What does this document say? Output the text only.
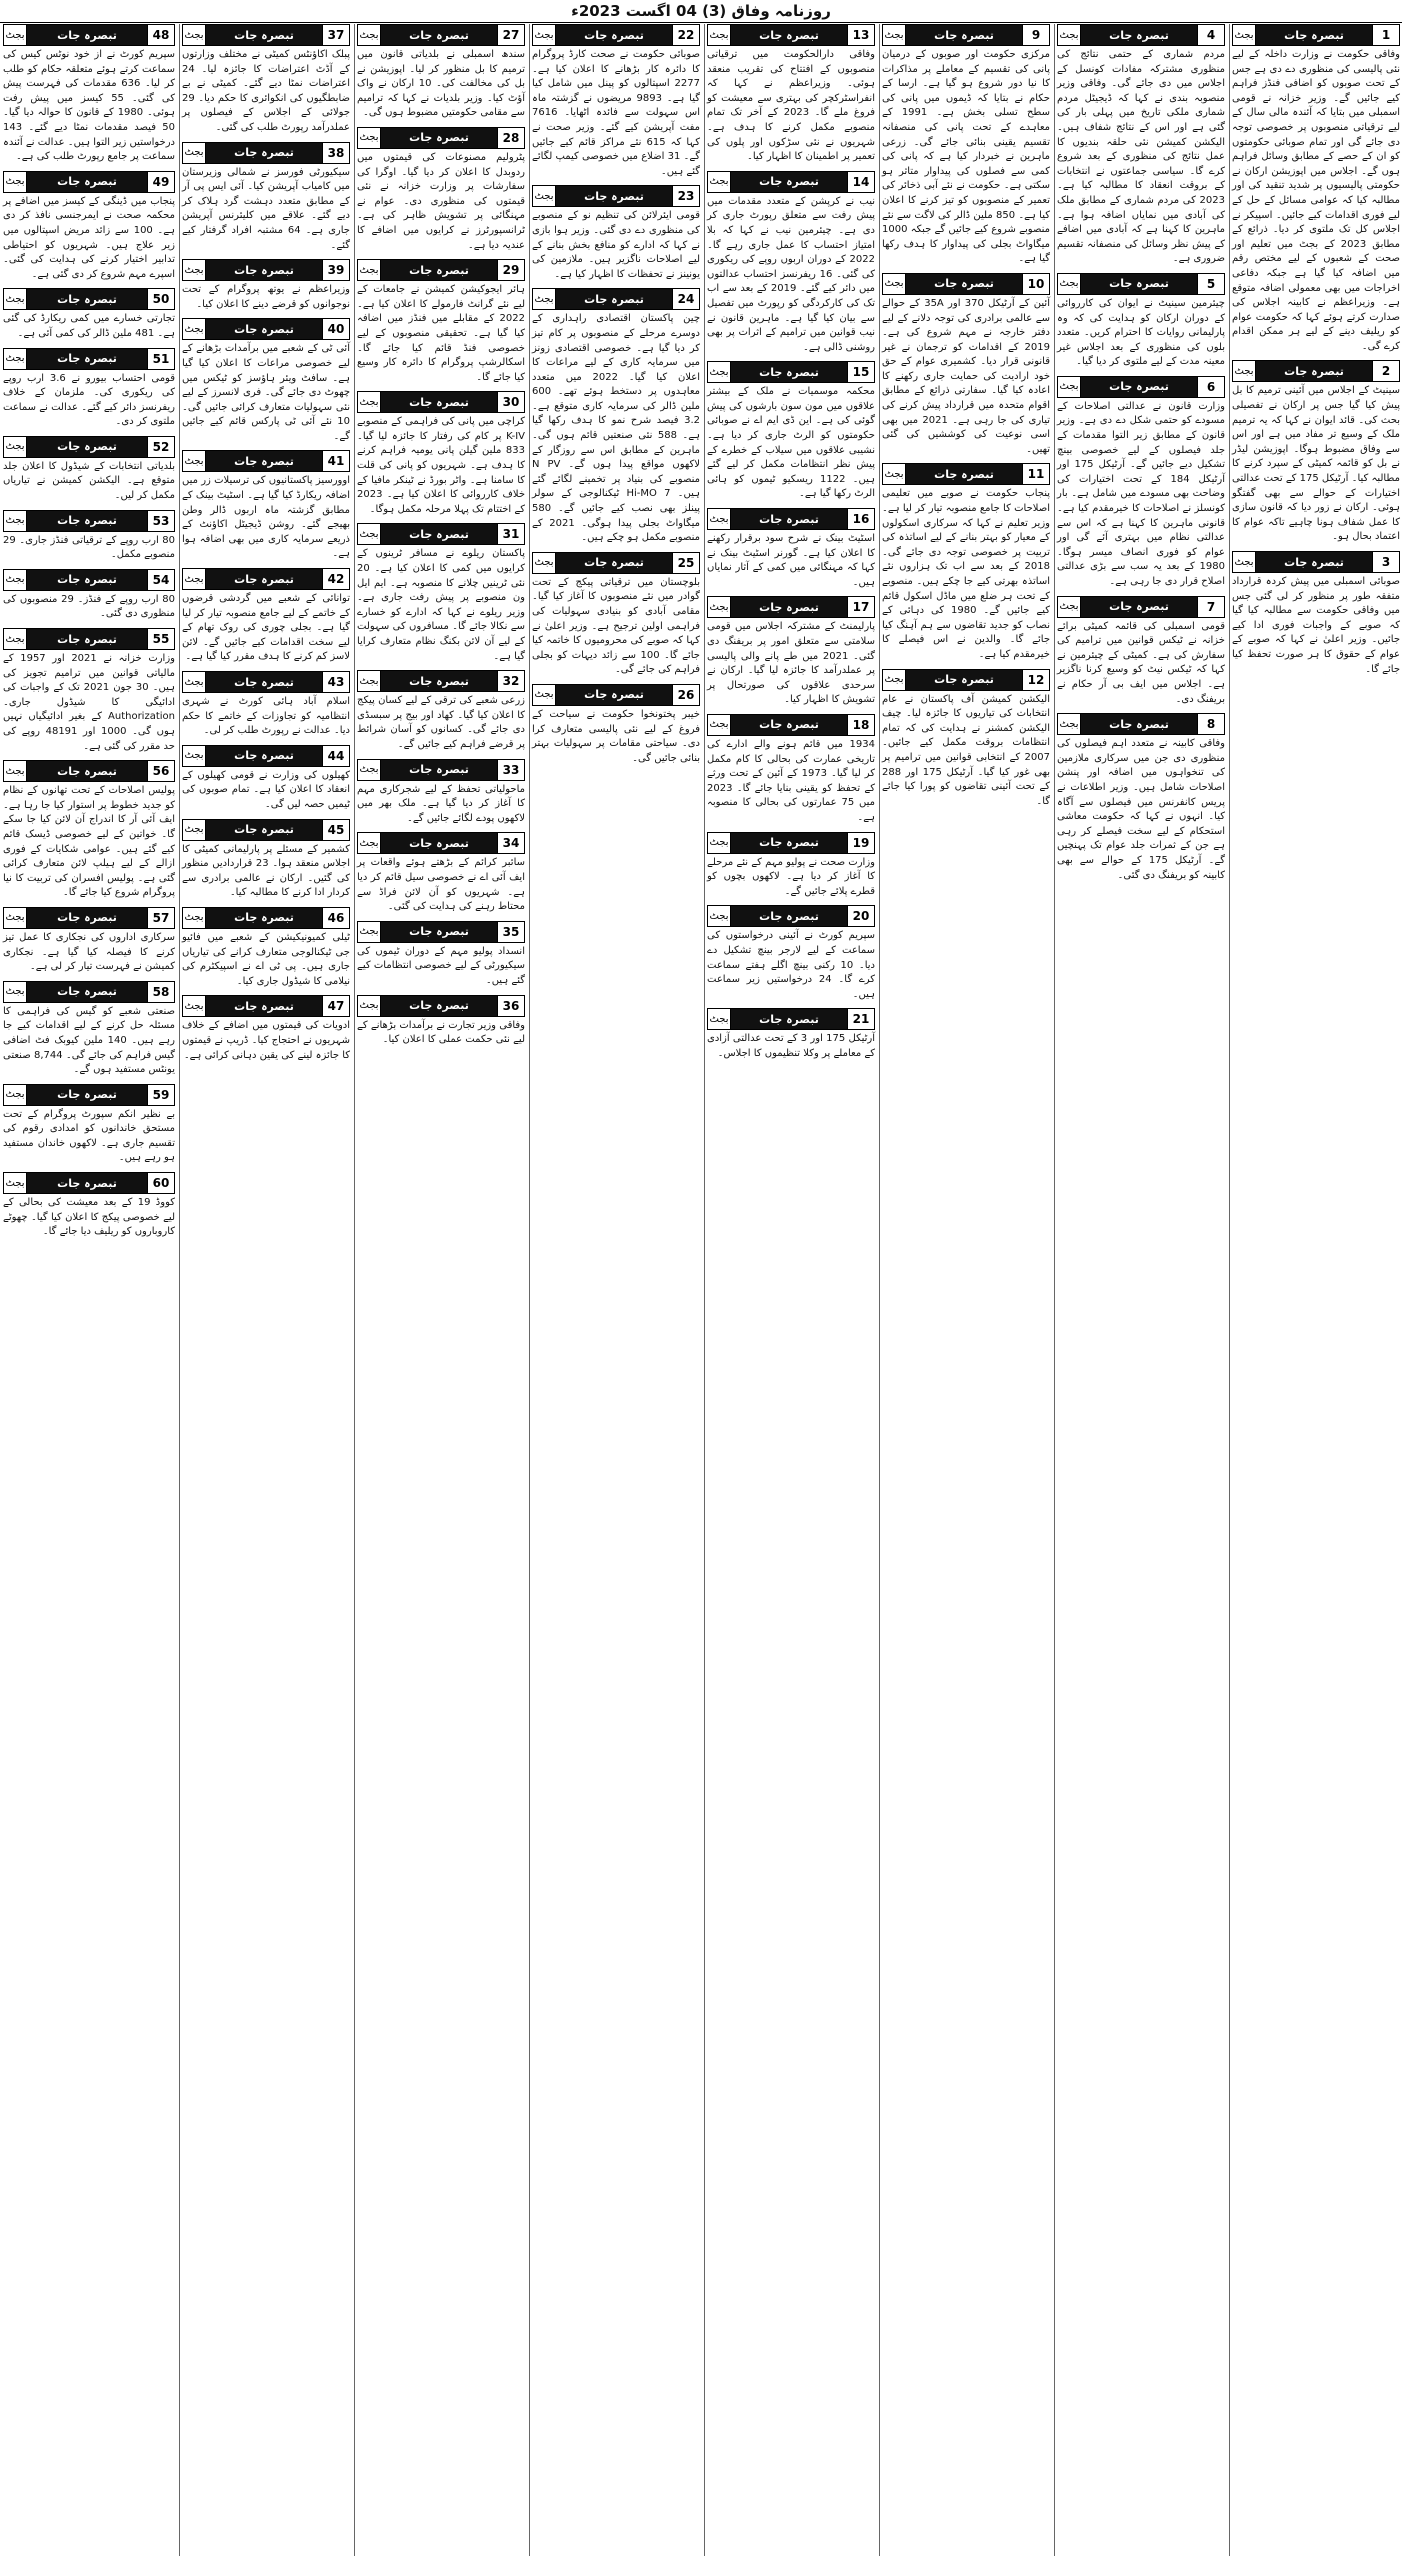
روزنامہ وفاق (3) 04 اگست 2023ء
1
تبصرہ جات
بجٹ
وفاقی حکومت نے وزارت داخلہ کے لیے نئی پالیسی کی منظوری دے دی ہے جس کے تحت صوبوں کو اضافی فنڈز فراہم کیے جائیں گے۔ وزیر خزانہ نے قومی اسمبلی میں بتایا کہ آئندہ مالی سال کے لیے ترقیاتی منصوبوں پر خصوصی توجہ دی جائے گی اور تمام صوبائی حکومتوں کو ان کے حصے کے مطابق وسائل فراہم ہوں گے۔ اجلاس میں اپوزیشن ارکان نے حکومتی پالیسیوں پر شدید تنقید کی اور مطالبہ کیا کہ عوامی مسائل کے حل کے لیے فوری اقدامات کیے جائیں۔ اسپیکر نے اجلاس کل تک ملتوی کر دیا۔ ذرائع کے مطابق 2023 کے بجٹ میں تعلیم اور صحت کے شعبوں کے لیے مختص رقم میں اضافہ کیا گیا ہے جبکہ دفاعی اخراجات میں بھی معمولی اضافہ متوقع ہے۔ وزیراعظم نے کابینہ اجلاس کی صدارت کرتے ہوئے کہا کہ حکومت عوام کو ریلیف دینے کے لیے ہر ممکن اقدام کرے گی۔
2
تبصرہ جات
بجٹ
سینیٹ کے اجلاس میں آئینی ترمیم کا بل پیش کیا گیا جس پر ارکان نے تفصیلی بحث کی۔ قائد ایوان نے کہا کہ یہ ترمیم ملک کے وسیع تر مفاد میں ہے اور اس سے وفاق مضبوط ہوگا۔ اپوزیشن لیڈر نے بل کو قائمہ کمیٹی کے سپرد کرنے کا مطالبہ کیا۔ آرٹیکل 175 کے تحت عدالتی اختیارات کے حوالے سے بھی گفتگو ہوئی۔ ارکان نے زور دیا کہ قانون سازی کا عمل شفاف ہونا چاہیے تاکہ عوام کا اعتماد بحال ہو۔
3
تبصرہ جات
بجٹ
صوبائی اسمبلی میں پیش کردہ قرارداد متفقہ طور پر منظور کر لی گئی جس میں وفاقی حکومت سے مطالبہ کیا گیا کہ صوبے کے واجبات فوری ادا کیے جائیں۔ وزیر اعلیٰ نے کہا کہ صوبے کے عوام کے حقوق کا ہر صورت تحفظ کیا جائے گا۔
4
تبصرہ جات
بجٹ
مردم شماری کے حتمی نتائج کی منظوری مشترکہ مفادات کونسل کے اجلاس میں دی جائے گی۔ وفاقی وزیر منصوبہ بندی نے کہا کہ ڈیجیٹل مردم شماری ملکی تاریخ میں پہلی بار کی گئی ہے اور اس کے نتائج شفاف ہیں۔ الیکشن کمیشن نئی حلقہ بندیوں کا عمل نتائج کی منظوری کے بعد شروع کرے گا۔ سیاسی جماعتوں نے انتخابات کے بروقت انعقاد کا مطالبہ کیا ہے۔ 2023 کی مردم شماری کے مطابق ملک کی آبادی میں نمایاں اضافہ ہوا ہے۔ ماہرین کا کہنا ہے کہ آبادی میں اضافے کے پیش نظر وسائل کی منصفانہ تقسیم ضروری ہے۔
5
تبصرہ جات
بجٹ
چیئرمین سینیٹ نے ایوان کی کارروائی کے دوران ارکان کو ہدایت کی کہ وہ پارلیمانی روایات کا احترام کریں۔ متعدد بلوں کی منظوری کے بعد اجلاس غیر معینہ مدت کے لیے ملتوی کر دیا گیا۔
6
تبصرہ جات
بجٹ
وزارت قانون نے عدالتی اصلاحات کے مسودے کو حتمی شکل دے دی ہے۔ وزیر قانون کے مطابق زیر التوا مقدمات کے جلد فیصلوں کے لیے خصوصی بینچ تشکیل دیے جائیں گے۔ آرٹیکل 175 اور آرٹیکل 184 کے تحت اختیارات کی وضاحت بھی مسودے میں شامل ہے۔ بار کونسلز نے اصلاحات کا خیرمقدم کیا ہے۔ قانونی ماہرین کا کہنا ہے کہ اس سے عدالتی نظام میں بہتری آئے گی اور عوام کو فوری انصاف میسر ہوگا۔ 1980 کے بعد یہ سب سے بڑی عدالتی اصلاح قرار دی جا رہی ہے۔
7
تبصرہ جات
بجٹ
قومی اسمبلی کی قائمہ کمیٹی برائے خزانہ نے ٹیکس قوانین میں ترامیم کی سفارش کی ہے۔ کمیٹی کے چیئرمین نے کہا کہ ٹیکس نیٹ کو وسیع کرنا ناگزیر ہے۔ اجلاس میں ایف بی آر حکام نے بریفنگ دی۔
8
تبصرہ جات
بجٹ
وفاقی کابینہ نے متعدد اہم فیصلوں کی منظوری دی جن میں سرکاری ملازمین کی تنخواہوں میں اضافہ اور پنشن اصلاحات شامل ہیں۔ وزیر اطلاعات نے پریس کانفرنس میں فیصلوں سے آگاہ کیا۔ انہوں نے کہا کہ حکومت معاشی استحکام کے لیے سخت فیصلے کر رہی ہے جن کے ثمرات جلد عوام تک پہنچیں گے۔ آرٹیکل 175 کے حوالے سے بھی کابینہ کو بریفنگ دی گئی۔
9
تبصرہ جات
بجٹ
مرکزی حکومت اور صوبوں کے درمیان پانی کی تقسیم کے معاملے پر مذاکرات کا نیا دور شروع ہو گیا ہے۔ ارسا کے حکام نے بتایا کہ ڈیموں میں پانی کی سطح تسلی بخش ہے۔ 1991 کے معاہدے کے تحت پانی کی منصفانہ تقسیم یقینی بنائی جائے گی۔ زرعی ماہرین نے خبردار کیا ہے کہ پانی کی کمی سے فصلوں کی پیداوار متاثر ہو سکتی ہے۔ حکومت نے نئے آبی ذخائر کی تعمیر کے منصوبوں کو تیز کرنے کا اعلان کیا ہے۔ 850 ملین ڈالر کی لاگت سے نئے منصوبے شروع کیے جائیں گے جبکہ 1000 میگاواٹ بجلی کی پیداوار کا ہدف رکھا گیا ہے۔
10
تبصرہ جات
بجٹ
آئین کے آرٹیکل 370 اور 35A کے حوالے سے عالمی برادری کی توجہ دلانے کے لیے دفتر خارجہ نے مہم شروع کی ہے۔ 2019 کے اقدامات کو ترجمان نے غیر قانونی قرار دیا۔ کشمیری عوام کے حق خود ارادیت کی حمایت جاری رکھنے کا اعادہ کیا گیا۔ سفارتی ذرائع کے مطابق اقوام متحدہ میں قرارداد پیش کرنے کی تیاری کی جا رہی ہے۔ 2021 میں بھی اسی نوعیت کی کوششیں کی گئی تھیں۔
11
تبصرہ جات
بجٹ
پنجاب حکومت نے صوبے میں تعلیمی اصلاحات کا جامع منصوبہ تیار کر لیا ہے۔ وزیر تعلیم نے کہا کہ سرکاری اسکولوں کے معیار کو بہتر بنانے کے لیے اساتذہ کی تربیت پر خصوصی توجہ دی جائے گی۔ 2018 کے بعد سے اب تک ہزاروں نئے اساتذہ بھرتی کیے جا چکے ہیں۔ منصوبے کے تحت ہر ضلع میں ماڈل اسکول قائم کیے جائیں گے۔ 1980 کی دہائی کے نصاب کو جدید تقاضوں سے ہم آہنگ کیا جائے گا۔ والدین نے اس فیصلے کا خیرمقدم کیا ہے۔
12
تبصرہ جات
بجٹ
الیکشن کمیشن آف پاکستان نے عام انتخابات کی تیاریوں کا جائزہ لیا۔ چیف الیکشن کمشنر نے ہدایت کی کہ تمام انتظامات بروقت مکمل کیے جائیں۔ 2007 کے انتخابی قوانین میں ترامیم پر بھی غور کیا گیا۔ آرٹیکل 175 اور 288 کے تحت آئینی تقاضوں کو پورا کیا جائے گا۔
13
تبصرہ جات
بجٹ
وفاقی دارالحکومت میں ترقیاتی منصوبوں کے افتتاح کی تقریب منعقد ہوئی۔ وزیراعظم نے کہا کہ انفراسٹرکچر کی بہتری سے معیشت کو فروغ ملے گا۔ 2023 کے آخر تک تمام منصوبے مکمل کرنے کا ہدف ہے۔ شہریوں نے نئی سڑکوں اور پلوں کی تعمیر پر اطمینان کا اظہار کیا۔
14
تبصرہ جات
بجٹ
نیب نے کرپشن کے متعدد مقدمات میں پیش رفت سے متعلق رپورٹ جاری کر دی ہے۔ چیئرمین نیب نے کہا کہ بلا امتیاز احتساب کا عمل جاری رہے گا۔ 2022 کے دوران اربوں روپے کی ریکوری کی گئی۔ 16 ریفرنسز احتساب عدالتوں میں دائر کیے گئے۔ 2019 کے بعد سے اب تک کی کارکردگی کو رپورٹ میں تفصیل سے بیان کیا گیا ہے۔ ماہرین قانون نے نیب قوانین میں ترامیم کے اثرات پر بھی روشنی ڈالی ہے۔
15
تبصرہ جات
بجٹ
محکمہ موسمیات نے ملک کے بیشتر علاقوں میں مون سون بارشوں کی پیش گوئی کی ہے۔ این ڈی ایم اے نے صوبائی حکومتوں کو الرٹ جاری کر دیا ہے۔ نشیبی علاقوں میں سیلاب کے خطرے کے پیش نظر انتظامات مکمل کر لیے گئے ہیں۔ 1122 ریسکیو ٹیموں کو ہائی الرٹ رکھا گیا ہے۔
16
تبصرہ جات
بجٹ
اسٹیٹ بینک نے شرح سود برقرار رکھنے کا اعلان کیا ہے۔ گورنر اسٹیٹ بینک نے کہا کہ مہنگائی میں کمی کے آثار نمایاں ہیں۔
17
تبصرہ جات
بجٹ
پارلیمنٹ کے مشترکہ اجلاس میں قومی سلامتی سے متعلق امور پر بریفنگ دی گئی۔ 2021 میں طے پانے والی پالیسی پر عملدرآمد کا جائزہ لیا گیا۔ ارکان نے سرحدی علاقوں کی صورتحال پر تشویش کا اظہار کیا۔
18
تبصرہ جات
بجٹ
1934 میں قائم ہونے والے ادارے کی تاریخی عمارت کی بحالی کا کام مکمل کر لیا گیا۔ 1973 کے آئین کے تحت ورثے کے تحفظ کو یقینی بنایا جائے گا۔ 2023 میں 75 عمارتوں کی بحالی کا منصوبہ ہے۔
19
تبصرہ جات
بجٹ
وزارت صحت نے پولیو مہم کے نئے مرحلے کا آغاز کر دیا ہے۔ لاکھوں بچوں کو قطرے پلائے جائیں گے۔
20
تبصرہ جات
بجٹ
سپریم کورٹ نے آئینی درخواستوں کی سماعت کے لیے لارجر بینچ تشکیل دے دیا۔ 10 رکنی بینچ اگلے ہفتے سماعت کرے گا۔ 24 درخواستیں زیر سماعت ہیں۔
21
تبصرہ جات
بجٹ
آرٹیکل 175 اور 3 کے تحت عدالتی آزادی کے معاملے پر وکلا تنظیموں کا اجلاس۔
22
تبصرہ جات
بجٹ
صوبائی حکومت نے صحت کارڈ پروگرام کا دائرہ کار بڑھانے کا اعلان کیا ہے۔ 2277 اسپتالوں کو پینل میں شامل کیا گیا ہے۔ 9893 مریضوں نے گزشتہ ماہ اس سہولت سے فائدہ اٹھایا۔ 7616 مفت آپریشن کیے گئے۔ وزیر صحت نے کہا کہ 615 نئے مراکز قائم کیے جائیں گے۔ 31 اضلاع میں خصوصی کیمپ لگائے گئے ہیں۔
23
تبصرہ جات
بجٹ
قومی ایئرلائن کی تنظیم نو کے منصوبے کی منظوری دے دی گئی۔ وزیر ہوا بازی نے کہا کہ ادارے کو منافع بخش بنانے کے لیے اصلاحات ناگزیر ہیں۔ ملازمین کی یونینز نے تحفظات کا اظہار کیا ہے۔
24
تبصرہ جات
بجٹ
چین پاکستان اقتصادی راہداری کے دوسرے مرحلے کے منصوبوں پر کام تیز کر دیا گیا ہے۔ خصوصی اقتصادی زونز میں سرمایہ کاری کے لیے مراعات کا اعلان کیا گیا۔ 2022 میں متعدد معاہدوں پر دستخط ہوئے تھے۔ 600 ملین ڈالر کی سرمایہ کاری متوقع ہے۔ 3.2 فیصد شرح نمو کا ہدف رکھا گیا ہے۔ 588 نئی صنعتیں قائم ہوں گی۔ ماہرین کے مطابق اس سے روزگار کے لاکھوں مواقع پیدا ہوں گے۔ N PV منصوبے کی بنیاد پر تخمینے لگائے گئے ہیں۔ Hi-MO 7 ٹیکنالوجی کے سولر پینلز بھی نصب کیے جائیں گے۔ 580 میگاواٹ بجلی پیدا ہوگی۔ 2021 کے منصوبے مکمل ہو چکے ہیں۔
25
تبصرہ جات
بجٹ
بلوچستان میں ترقیاتی پیکج کے تحت گوادر میں نئے منصوبوں کا آغاز کیا گیا۔ مقامی آبادی کو بنیادی سہولیات کی فراہمی اولین ترجیح ہے۔ وزیر اعلیٰ نے کہا کہ صوبے کی محرومیوں کا خاتمہ کیا جائے گا۔ 100 سے زائد دیہات کو بجلی فراہم کی جائے گی۔
26
تبصرہ جات
بجٹ
خیبر پختونخوا حکومت نے سیاحت کے فروغ کے لیے نئی پالیسی متعارف کرا دی۔ سیاحتی مقامات پر سہولیات بہتر بنائی جائیں گی۔
27
تبصرہ جات
بجٹ
سندھ اسمبلی نے بلدیاتی قانون میں ترمیم کا بل منظور کر لیا۔ اپوزیشن نے بل کی مخالفت کی۔ 10 ارکان نے واک آؤٹ کیا۔ وزیر بلدیات نے کہا کہ ترامیم سے مقامی حکومتیں مضبوط ہوں گی۔
28
تبصرہ جات
بجٹ
پٹرولیم مصنوعات کی قیمتوں میں ردوبدل کا اعلان کر دیا گیا۔ اوگرا کی سفارشات پر وزارت خزانہ نے نئی قیمتوں کی منظوری دی۔ عوام نے مہنگائی پر تشویش ظاہر کی ہے۔ ٹرانسپورٹرز نے کرایوں میں اضافے کا عندیہ دیا ہے۔
29
تبصرہ جات
بجٹ
ہائر ایجوکیشن کمیشن نے جامعات کے لیے نئے گرانٹ فارمولے کا اعلان کیا ہے۔ 2022 کے مقابلے میں فنڈز میں اضافہ کیا گیا ہے۔ تحقیقی منصوبوں کے لیے خصوصی فنڈ قائم کیا جائے گا۔ اسکالرشپ پروگرام کا دائرہ کار وسیع کیا جائے گا۔
30
تبصرہ جات
بجٹ
کراچی میں پانی کی فراہمی کے منصوبے K-IV پر کام کی رفتار کا جائزہ لیا گیا۔ 833 ملین گیلن پانی یومیہ فراہم کرنے کا ہدف ہے۔ شہریوں کو پانی کی قلت کا سامنا ہے۔ واٹر بورڈ نے ٹینکر مافیا کے خلاف کارروائی کا اعلان کیا ہے۔ 2023 کے اختتام تک پہلا مرحلہ مکمل ہوگا۔
31
تبصرہ جات
بجٹ
پاکستان ریلوے نے مسافر ٹرینوں کے کرایوں میں کمی کا اعلان کیا ہے۔ 20 نئی ٹرینیں چلانے کا منصوبہ ہے۔ ایم ایل ون منصوبے پر پیش رفت جاری ہے۔ وزیر ریلوے نے کہا کہ ادارے کو خسارے سے نکالا جائے گا۔ مسافروں کی سہولت کے لیے آن لائن بکنگ نظام متعارف کرایا گیا ہے۔
32
تبصرہ جات
بجٹ
زرعی شعبے کی ترقی کے لیے کسان پیکج کا اعلان کیا گیا۔ کھاد اور بیج پر سبسڈی دی جائے گی۔ کسانوں کو آسان شرائط پر قرضے فراہم کیے جائیں گے۔
33
تبصرہ جات
بجٹ
ماحولیاتی تحفظ کے لیے شجرکاری مہم کا آغاز کر دیا گیا ہے۔ ملک بھر میں لاکھوں پودے لگائے جائیں گے۔
34
تبصرہ جات
بجٹ
سائبر کرائم کے بڑھتے ہوئے واقعات پر ایف آئی اے نے خصوصی سیل قائم کر دیا ہے۔ شہریوں کو آن لائن فراڈ سے محتاط رہنے کی ہدایت کی گئی۔
35
تبصرہ جات
بجٹ
انسداد پولیو مہم کے دوران ٹیموں کی سیکیورٹی کے لیے خصوصی انتظامات کیے گئے ہیں۔
36
تبصرہ جات
بجٹ
وفاقی وزیر تجارت نے برآمدات بڑھانے کے لیے نئی حکمت عملی کا اعلان کیا۔
37
تبصرہ جات
بجٹ
پبلک اکاؤنٹس کمیٹی نے مختلف وزارتوں کے آڈٹ اعتراضات کا جائزہ لیا۔ 24 اعتراضات نمٹا دیے گئے۔ کمیٹی نے بے ضابطگیوں کی انکوائری کا حکم دیا۔ 29 جولائی کے اجلاس کے فیصلوں پر عملدرآمد رپورٹ طلب کی گئی۔
38
تبصرہ جات
بجٹ
سیکیورٹی فورسز نے شمالی وزیرستان میں کامیاب آپریشن کیا۔ آئی ایس پی آر کے مطابق متعدد دہشت گرد ہلاک کر دیے گئے۔ علاقے میں کلیئرنس آپریشن جاری ہے۔ 64 مشتبہ افراد گرفتار کیے گئے۔
39
تبصرہ جات
بجٹ
وزیراعظم نے یوتھ پروگرام کے تحت نوجوانوں کو قرضے دینے کا اعلان کیا۔
40
تبصرہ جات
بجٹ
آئی ٹی کے شعبے میں برآمدات بڑھانے کے لیے خصوصی مراعات کا اعلان کیا گیا ہے۔ سافٹ ویئر ہاؤسز کو ٹیکس میں چھوٹ دی جائے گی۔ فری لانسرز کے لیے نئی سہولیات متعارف کرائی جائیں گی۔ 10 نئے آئی ٹی پارکس قائم کیے جائیں گے۔
41
تبصرہ جات
بجٹ
اوورسیز پاکستانیوں کی ترسیلات زر میں اضافہ ریکارڈ کیا گیا ہے۔ اسٹیٹ بینک کے مطابق گزشتہ ماہ اربوں ڈالر وطن بھیجے گئے۔ روشن ڈیجیٹل اکاؤنٹ کے ذریعے سرمایہ کاری میں بھی اضافہ ہوا ہے۔
42
تبصرہ جات
بجٹ
توانائی کے شعبے میں گردشی قرضوں کے خاتمے کے لیے جامع منصوبہ تیار کر لیا گیا ہے۔ بجلی چوری کی روک تھام کے لیے سخت اقدامات کیے جائیں گے۔ لائن لاسز کم کرنے کا ہدف مقرر کیا گیا ہے۔
43
تبصرہ جات
بجٹ
اسلام آباد ہائی کورٹ نے شہری انتظامیہ کو تجاوزات کے خاتمے کا حکم دیا۔ عدالت نے رپورٹ طلب کر لی۔
44
تبصرہ جات
بجٹ
کھیلوں کی وزارت نے قومی کھیلوں کے انعقاد کا اعلان کیا ہے۔ تمام صوبوں کی ٹیمیں حصہ لیں گی۔
45
تبصرہ جات
بجٹ
کشمیر کے مسئلے پر پارلیمانی کمیٹی کا اجلاس منعقد ہوا۔ 23 قراردادیں منظور کی گئیں۔ ارکان نے عالمی برادری سے کردار ادا کرنے کا مطالبہ کیا۔
46
تبصرہ جات
بجٹ
ٹیلی کمیونیکیشن کے شعبے میں فائیو جی ٹیکنالوجی متعارف کرانے کی تیاریاں جاری ہیں۔ پی ٹی اے نے اسپیکٹرم کی نیلامی کا شیڈول جاری کیا۔
47
تبصرہ جات
بجٹ
ادویات کی قیمتوں میں اضافے کے خلاف شہریوں نے احتجاج کیا۔ ڈریپ نے قیمتوں کا جائزہ لینے کی یقین دہانی کرائی ہے۔
48
تبصرہ جات
بجٹ
سپریم کورٹ نے از خود نوٹس کیس کی سماعت کرتے ہوئے متعلقہ حکام کو طلب کر لیا۔ 636 مقدمات کی فہرست پیش کی گئی۔ 55 کیسز میں پیش رفت ہوئی۔ 1980 کے قانون کا حوالہ دیا گیا۔ 50 فیصد مقدمات نمٹا دیے گئے۔ 143 درخواستیں زیر التوا ہیں۔ عدالت نے آئندہ سماعت پر جامع رپورٹ طلب کی ہے۔
49
تبصرہ جات
بجٹ
پنجاب میں ڈینگی کے کیسز میں اضافے پر محکمہ صحت نے ایمرجنسی نافذ کر دی ہے۔ 100 سے زائد مریض اسپتالوں میں زیر علاج ہیں۔ شہریوں کو احتیاطی تدابیر اختیار کرنے کی ہدایت کی گئی۔ اسپرے مہم شروع کر دی گئی ہے۔
50
تبصرہ جات
بجٹ
تجارتی خسارے میں کمی ریکارڈ کی گئی ہے۔ 481 ملین ڈالر کی کمی آئی ہے۔
51
تبصرہ جات
بجٹ
قومی احتساب بیورو نے 3.6 ارب روپے کی ریکوری کی۔ ملزمان کے خلاف ریفرنسز دائر کیے گئے۔ عدالت نے سماعت ملتوی کر دی۔
52
تبصرہ جات
بجٹ
بلدیاتی انتخابات کے شیڈول کا اعلان جلد متوقع ہے۔ الیکشن کمیشن نے تیاریاں مکمل کر لیں۔
53
تبصرہ جات
بجٹ
80 ارب روپے کے ترقیاتی فنڈز جاری۔ 29 منصوبے مکمل۔
54
تبصرہ جات
بجٹ
80 ارب روپے کے فنڈز۔ 29 منصوبوں کی منظوری دی گئی۔
55
تبصرہ جات
بجٹ
وزارت خزانہ نے 2021 اور 1957 کے مالیاتی قوانین میں ترامیم تجویز کی ہیں۔ 30 جون 2021 تک کے واجبات کی ادائیگی کا شیڈول جاری۔ Authorization کے بغیر ادائیگیاں نہیں ہوں گی۔ 1000 اور 48191 روپے کی حد مقرر کی گئی ہے۔
56
تبصرہ جات
بجٹ
پولیس اصلاحات کے تحت تھانوں کے نظام کو جدید خطوط پر استوار کیا جا رہا ہے۔ ایف آئی آر کا اندراج آن لائن کیا جا سکے گا۔ خواتین کے لیے خصوصی ڈیسک قائم کیے گئے ہیں۔ عوامی شکایات کے فوری ازالے کے لیے ہیلپ لائن متعارف کرائی گئی ہے۔ پولیس افسران کی تربیت کا نیا پروگرام شروع کیا جائے گا۔
57
تبصرہ جات
بجٹ
سرکاری اداروں کی نجکاری کا عمل تیز کرنے کا فیصلہ کیا گیا ہے۔ نجکاری کمیشن نے فہرست تیار کر لی ہے۔
58
تبصرہ جات
بجٹ
صنعتی شعبے کو گیس کی فراہمی کا مسئلہ حل کرنے کے لیے اقدامات کیے جا رہے ہیں۔ 140 ملین کیوبک فٹ اضافی گیس فراہم کی جائے گی۔ 8,744 صنعتی یونٹس مستفید ہوں گے۔
59
تبصرہ جات
بجٹ
بے نظیر انکم سپورٹ پروگرام کے تحت مستحق خاندانوں کو امدادی رقوم کی تقسیم جاری ہے۔ لاکھوں خاندان مستفید ہو رہے ہیں۔
60
تبصرہ جات
بجٹ
کووڈ 19 کے بعد معیشت کی بحالی کے لیے خصوصی پیکج کا اعلان کیا گیا۔ چھوٹے کاروباروں کو ریلیف دیا جائے گا۔
